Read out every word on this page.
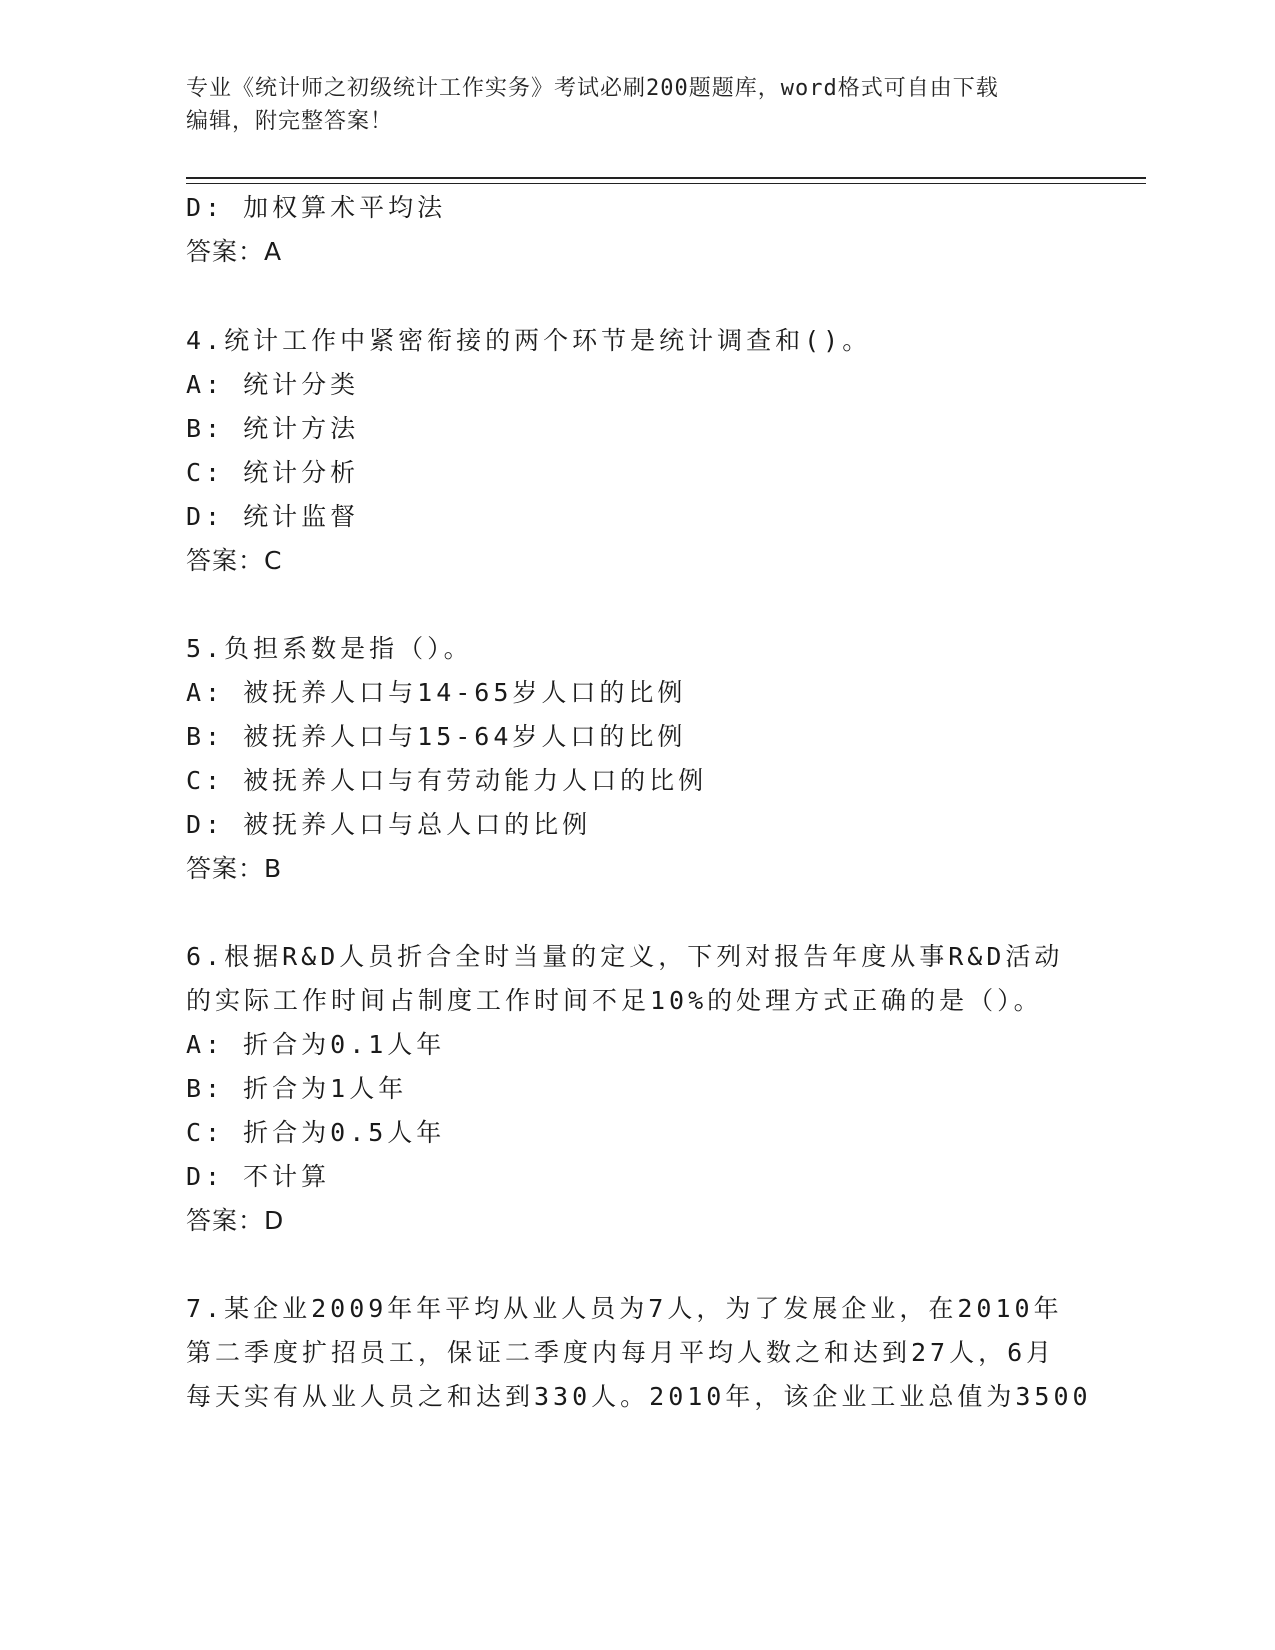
专业《统计师之初级统计工作实务》考试必刷200题题库，word格式可自由下载
编辑，附完整答案！
D: 加权算术平均法
答案：A
4.统计工作中紧密衔接的两个环节是统计调查和()。
A: 统计分类
B: 统计方法
C: 统计分析
D: 统计监督
答案：C
5.负担系数是指（）。
A: 被抚养人口与14-65岁人口的比例
B: 被抚养人口与15-64岁人口的比例
C: 被抚养人口与有劳动能力人口的比例
D: 被抚养人口与总人口的比例
答案：B
6.根据R&D人员折合全时当量的定义，下列对报告年度从事R&D活动
的实际工作时间占制度工作时间不足10%的处理方式正确的是（）。
A: 折合为0.1人年
B: 折合为1人年
C: 折合为0.5人年
D: 不计算
答案：D
7.某企业2009年年平均从业人员为7人，为了发展企业，在2010年
第二季度扩招员工，保证二季度内每月平均人数之和达到27人，6月
每天实有从业人员之和达到330人。2010年，该企业工业总值为3500
